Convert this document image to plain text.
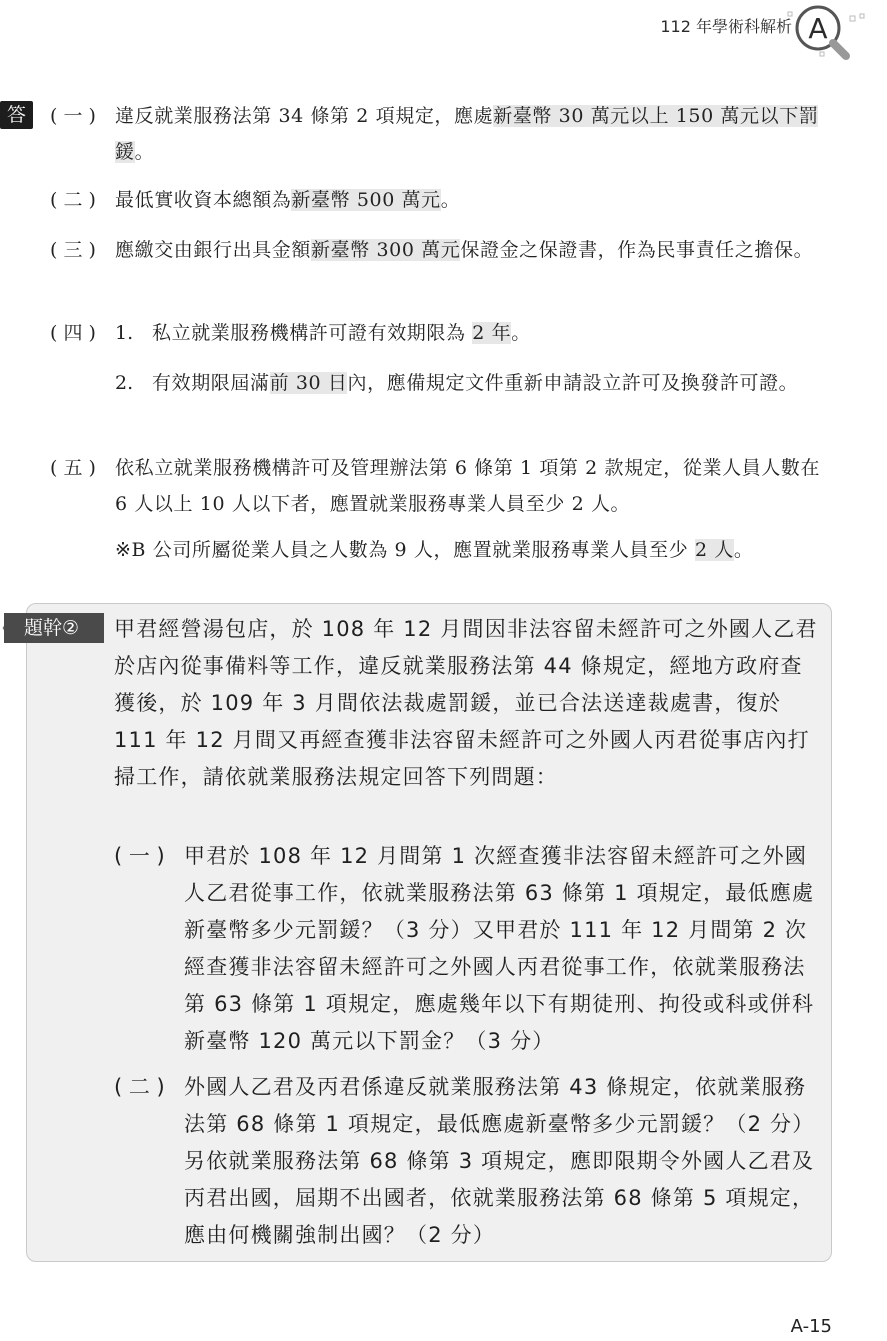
112 年學術科解析 A
答	( 一 ) 違反就業服務法第 34 條第 2 項規定，應處新臺幣 30 萬元以上 150 萬元以下罰鍰。
( 二 ) 最低實收資本總額為新臺幣 500 萬元。
( 三 ) 應繳交由銀行出具金額新臺幣 300 萬元保證金之保證書，作為民事責任之擔保。
( 四 ) 1. 私立就業服務機構許可證有效期限為 2 年。
2. 有效期限屆滿前 30 日內，應備規定文件重新申請設立許可及換發許可證。
( 五 ) 依私立就業服務機構許可及管理辦法第 6 條第 1 項第 2 款規定，從業人員人數在 6 人以上 10 人以下者，應置就業服務專業人員至少 2 人。
※B 公司所屬從業人員之人數為 9 人，應置就業服務專業人員至少 2 人。
題幹②	甲君經營湯包店，於 108 年 12 月間因非法容留未經許可之外國人乙君於店內從事備料等工作，違反就業服務法第 44 條規定，經地方政府查獲後，於 109 年 3 月間依法裁處罰鍰，並已合法送達裁處書，復於 111 年 12 月間又再經查獲非法容留未經許可之外國人丙君從事店內打掃工作，請依就業服務法規定回答下列問題：
( 一 ) 甲君於 108 年 12 月間第 1 次經查獲非法容留未經許可之外國人乙君從事工作，依就業服務法第 63 條第 1 項規定，最低應處新臺幣多少元罰鍰？（3 分）又甲君於 111 年 12 月間第 2 次經查獲非法容留未經許可之外國人丙君從事工作，依就業服務法第 63 條第 1 項規定，應處幾年以下有期徒刑、拘役或科或併科新臺幣 120 萬元以下罰金？（3 分）
( 二 ) 外國人乙君及丙君係違反就業服務法第 43 條規定，依就業服務法第 68 條第 1 項規定，最低應處新臺幣多少元罰鍰？（2 分）另依就業服務法第 68 條第 3 項規定，應即限期令外國人乙君及丙君出國，屆期不出國者，依就業服務法第 68 條第 5 項規定，應由何機關強制出國？（2 分）
A-15
